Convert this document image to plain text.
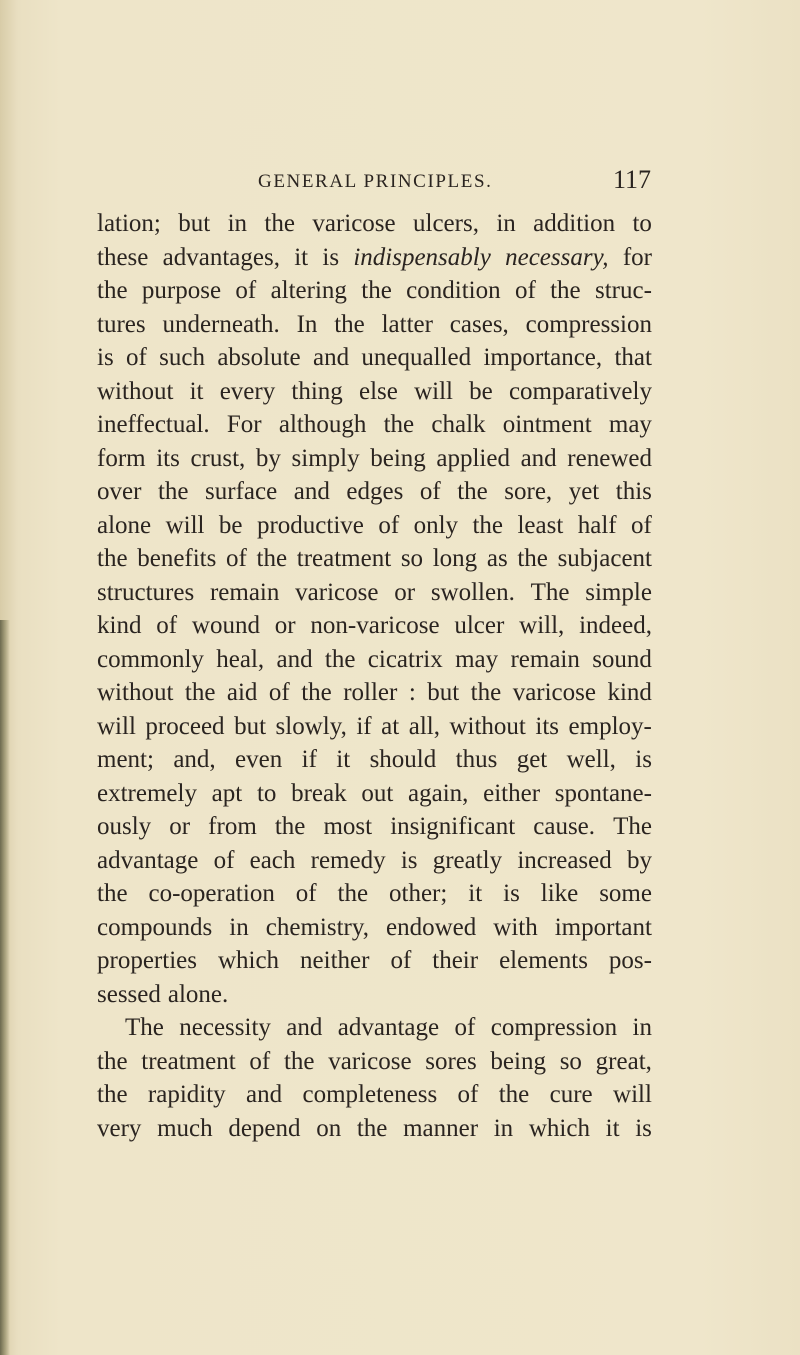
GENERAL PRINCIPLES.	117
lation; but in the varicose ulcers, in addition to
these advantages, it is indispensably necessary, for
the purpose of altering the condition of the struc-
tures underneath. In the latter cases, compression
is of such absolute and unequalled importance, that
without it every thing else will be comparatively
ineffectual. For although the chalk ointment may
form its crust, by simply being applied and renewed
over the surface and edges of the sore, yet this
alone will be productive of only the least half of
the benefits of the treatment so long as the subjacent
structures remain varicose or swollen. The simple
kind of wound or non-varicose ulcer will, indeed,
commonly heal, and the cicatrix may remain sound
without the aid of the roller : but the varicose kind
will proceed but slowly, if at all, without its employ-
ment; and, even if it should thus get well, is
extremely apt to break out again, either spontane-
ously or from the most insignificant cause. The
advantage of each remedy is greatly increased by
the co-operation of the other; it is like some
compounds in chemistry, endowed with important
properties which neither of their elements pos-
sessed alone.
The necessity and advantage of compression in
the treatment of the varicose sores being so great,
the rapidity and completeness of the cure will
very much depend on the manner in which it is
